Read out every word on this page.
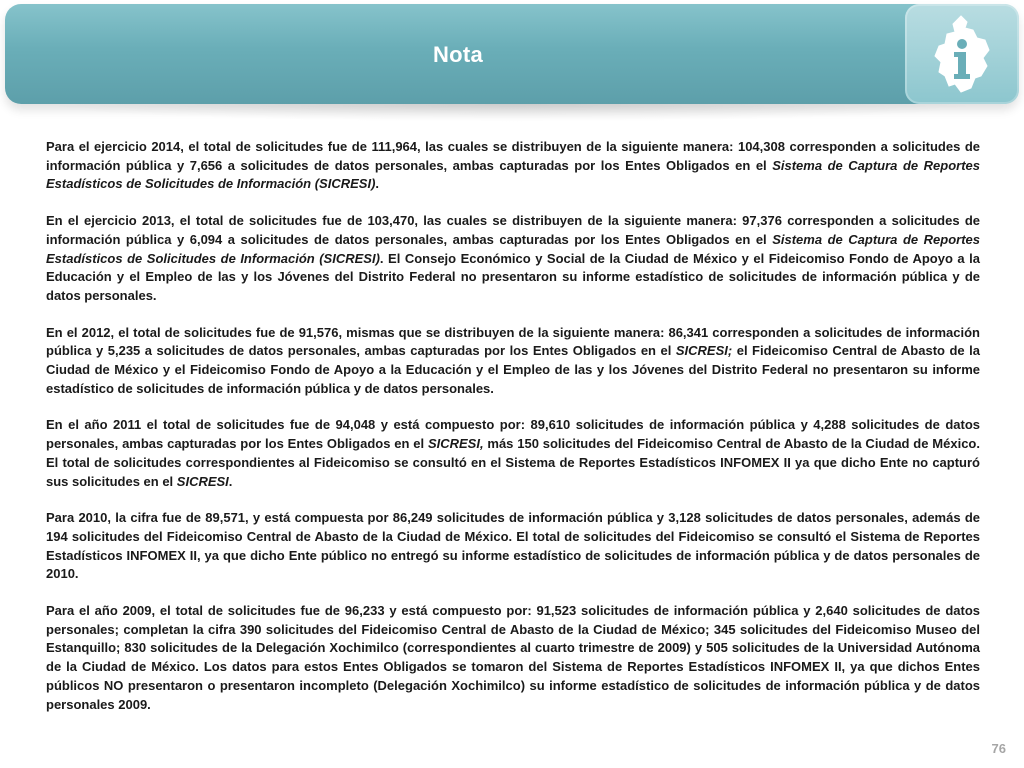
Nota

Para el ejercicio 2014, el total de solicitudes fue de 111,964, las cuales se distribuyen de la siguiente manera: 104,308 corresponden a solicitudes de información pública y 7,656 a solicitudes de datos personales, ambas capturadas por los Entes Obligados en el Sistema de Captura de Reportes Estadísticos de Solicitudes de Información (SICRESI).

En el ejercicio 2013, el total de solicitudes fue de 103,470, las cuales se distribuyen de la siguiente manera: 97,376 corresponden a solicitudes de información pública y 6,094 a solicitudes de datos personales, ambas capturadas por los Entes Obligados en el Sistema de Captura de Reportes Estadísticos de Solicitudes de Información (SICRESI). El Consejo Económico y Social de la Ciudad de México y el Fideicomiso Fondo de Apoyo a la Educación y el Empleo de las y los Jóvenes del Distrito Federal no presentaron su informe estadístico de solicitudes de información pública y de datos personales.

En el 2012, el total de solicitudes fue de 91,576, mismas que se distribuyen de la siguiente manera: 86,341 corresponden a solicitudes de información pública y 5,235 a solicitudes de datos personales, ambas capturadas por los Entes Obligados en el SICRESI; el Fideicomiso Central de Abasto de la Ciudad de México y el Fideicomiso Fondo de Apoyo a la Educación y el Empleo de las y los Jóvenes del Distrito Federal no presentaron su informe estadístico de solicitudes de información pública y de datos personales.

En el año 2011 el total de solicitudes fue de 94,048 y está compuesto por: 89,610 solicitudes de información pública y 4,288 solicitudes de datos personales, ambas capturadas por los Entes Obligados en el SICRESI, más 150 solicitudes del Fideicomiso Central de Abasto de la Ciudad de México. El total de solicitudes correspondientes al Fideicomiso se consultó en el Sistema de Reportes Estadísticos INFOMEX II ya que dicho Ente no capturó sus solicitudes en el SICRESI.

Para 2010, la cifra fue de 89,571, y está compuesta por 86,249 solicitudes de información pública y 3,128 solicitudes de datos personales, además de 194 solicitudes del Fideicomiso Central de Abasto de la Ciudad de México. El total de solicitudes del Fideicomiso se consultó el Sistema de Reportes Estadísticos INFOMEX II, ya que dicho Ente público no entregó su informe estadístico de solicitudes de información pública y de datos personales de 2010.

Para el año 2009, el total de solicitudes fue de 96,233 y está compuesto por: 91,523 solicitudes de información pública y 2,640 solicitudes de datos personales; completan la cifra 390 solicitudes del Fideicomiso Central de Abasto de la Ciudad de México; 345 solicitudes del Fideicomiso Museo del Estanquillo; 830 solicitudes de la Delegación Xochimilco (correspondientes al cuarto trimestre de 2009) y 505 solicitudes de la Universidad Autónoma de la Ciudad de México. Los datos para estos Entes Obligados se tomaron del Sistema de Reportes Estadísticos INFOMEX II, ya que dichos Entes públicos NO presentaron o presentaron incompleto (Delegación Xochimilco) su informe estadístico de solicitudes de información pública y de datos personales 2009.

76
